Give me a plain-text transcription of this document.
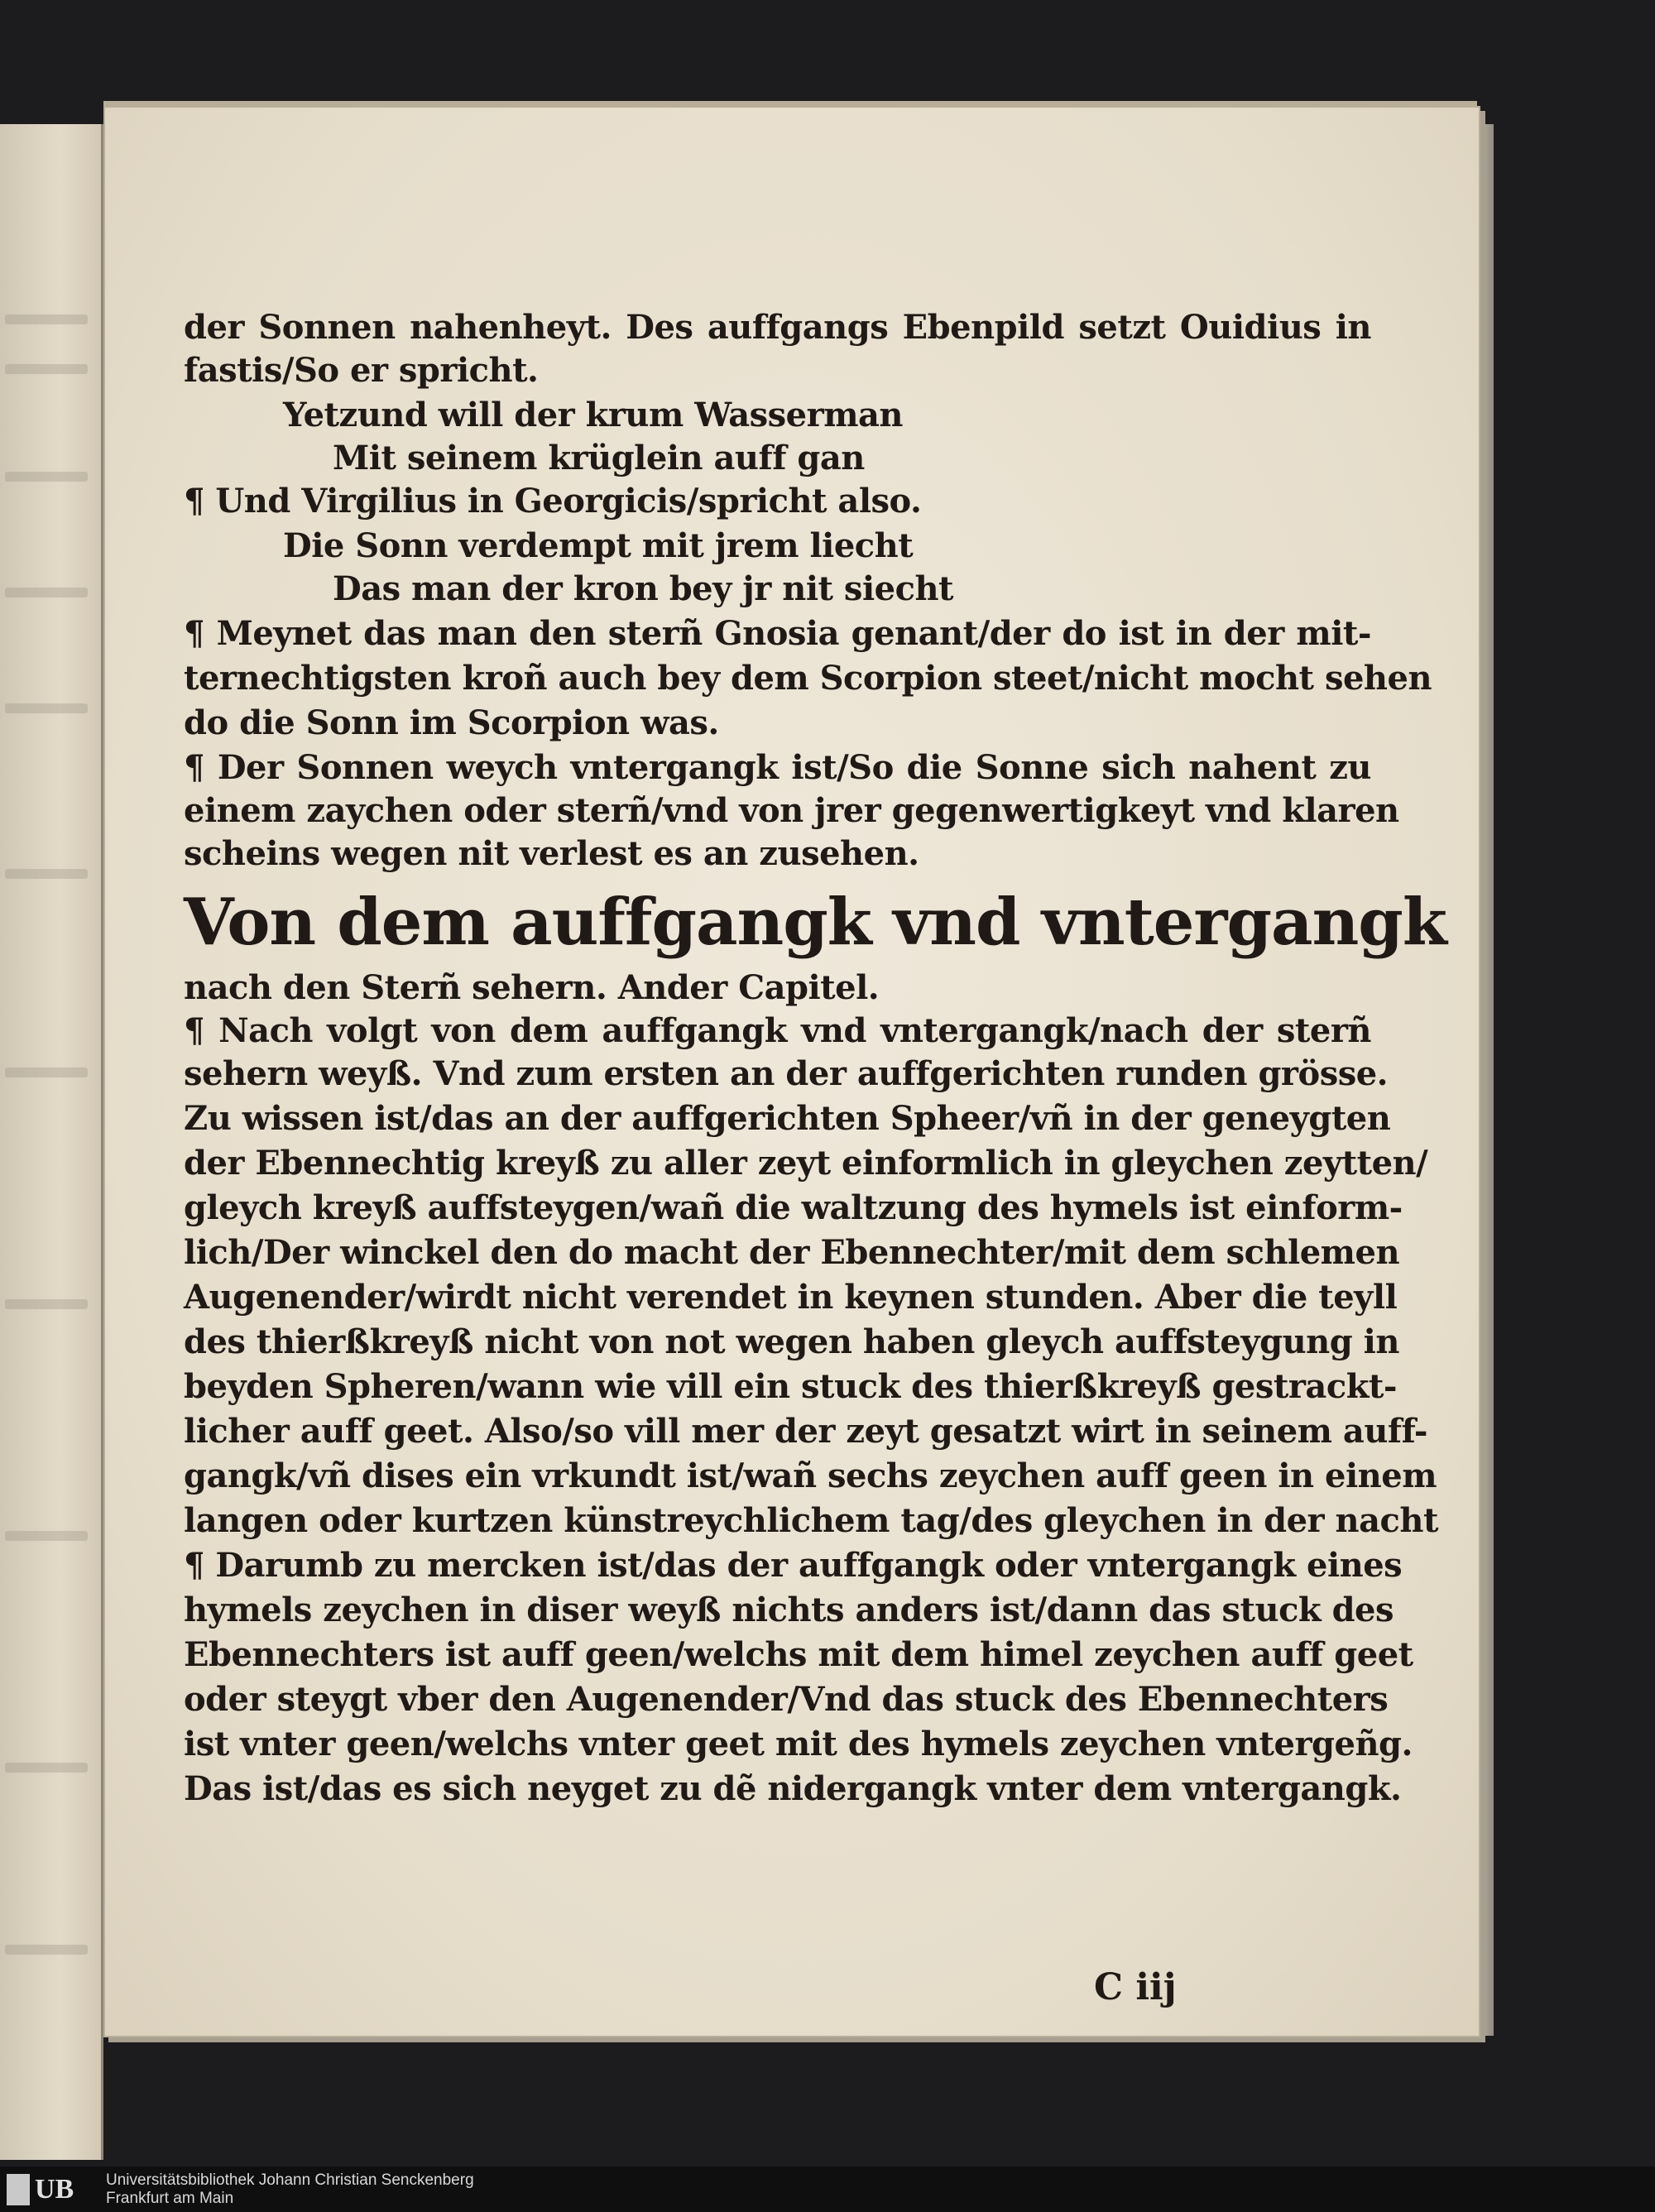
der Sonnen nahenheyt. Des auffgangs Ebenpild setzt Ouidius in
fastis/So er spricht.
Yetzund will der krum Wasserman
Mit seinem krüglein auff gan
¶ Und Virgilius in Georgicis/spricht also.
Die Sonn verdempt mit jrem liecht
Das man der kron bey jr nit siecht
¶ Meynet das man den sterñ Gnosia genant/der do ist in der mit-
ternechtigsten kroñ auch bey dem Scorpion steet/nicht mocht sehen
do die Sonn im Scorpion was.
¶ Der Sonnen weych vntergangk ist/So die Sonne sich nahent zu
einem zaychen oder sterñ/vnd von jrer gegenwertigkeyt vnd klaren
scheins wegen nit verlest es an zusehen.
Von dem auffgangk vnd vntergangk
nach den Sterñ sehern. Ander Capitel.
¶ Nach volgt von dem auffgangk vnd vntergangk/nach der sterñ
sehern weyß. Vnd zum ersten an der auffgerichten runden grösse.
Zu wissen ist/das an der auffgerichten Spheer/vñ in der geneygten
der Ebennechtig kreyß zu aller zeyt einformlich in gleychen zeytten/
gleych kreyß auffsteygen/wañ die waltzung des hymels ist einform-
lich/Der winckel den do macht der Ebennechter/mit dem schlemen
Augenender/wirdt nicht verendet in keynen stunden. Aber die teyll
des thierßkreyß nicht von not wegen haben gleych auffsteygung in
beyden Spheren/wann wie vill ein stuck des thierßkreyß gestrackt-
licher auff geet. Also/so vill mer der zeyt gesatzt wirt in seinem auff-
gangk/vñ dises ein vrkundt ist/wañ sechs zeychen auff geen in einem
langen oder kurtzen künstreychlichem tag/des gleychen in der nacht
¶ Darumb zu mercken ist/das der auffgangk oder vntergangk eines
hymels zeychen in diser weyß nichts anders ist/dann das stuck des
Ebennechters ist auff geen/welchs mit dem himel zeychen auff geet
oder steygt vber den Augenender/Vnd das stuck des Ebennechters
ist vnter geen/welchs vnter geet mit des hymels zeychen vntergeñg.
Das ist/das es sich neyget zu dẽ nidergangk vnter dem vntergangk.
C iij
UB Universitätsbibliothek Johann Christian Senckenberg
Frankfurt am Main
